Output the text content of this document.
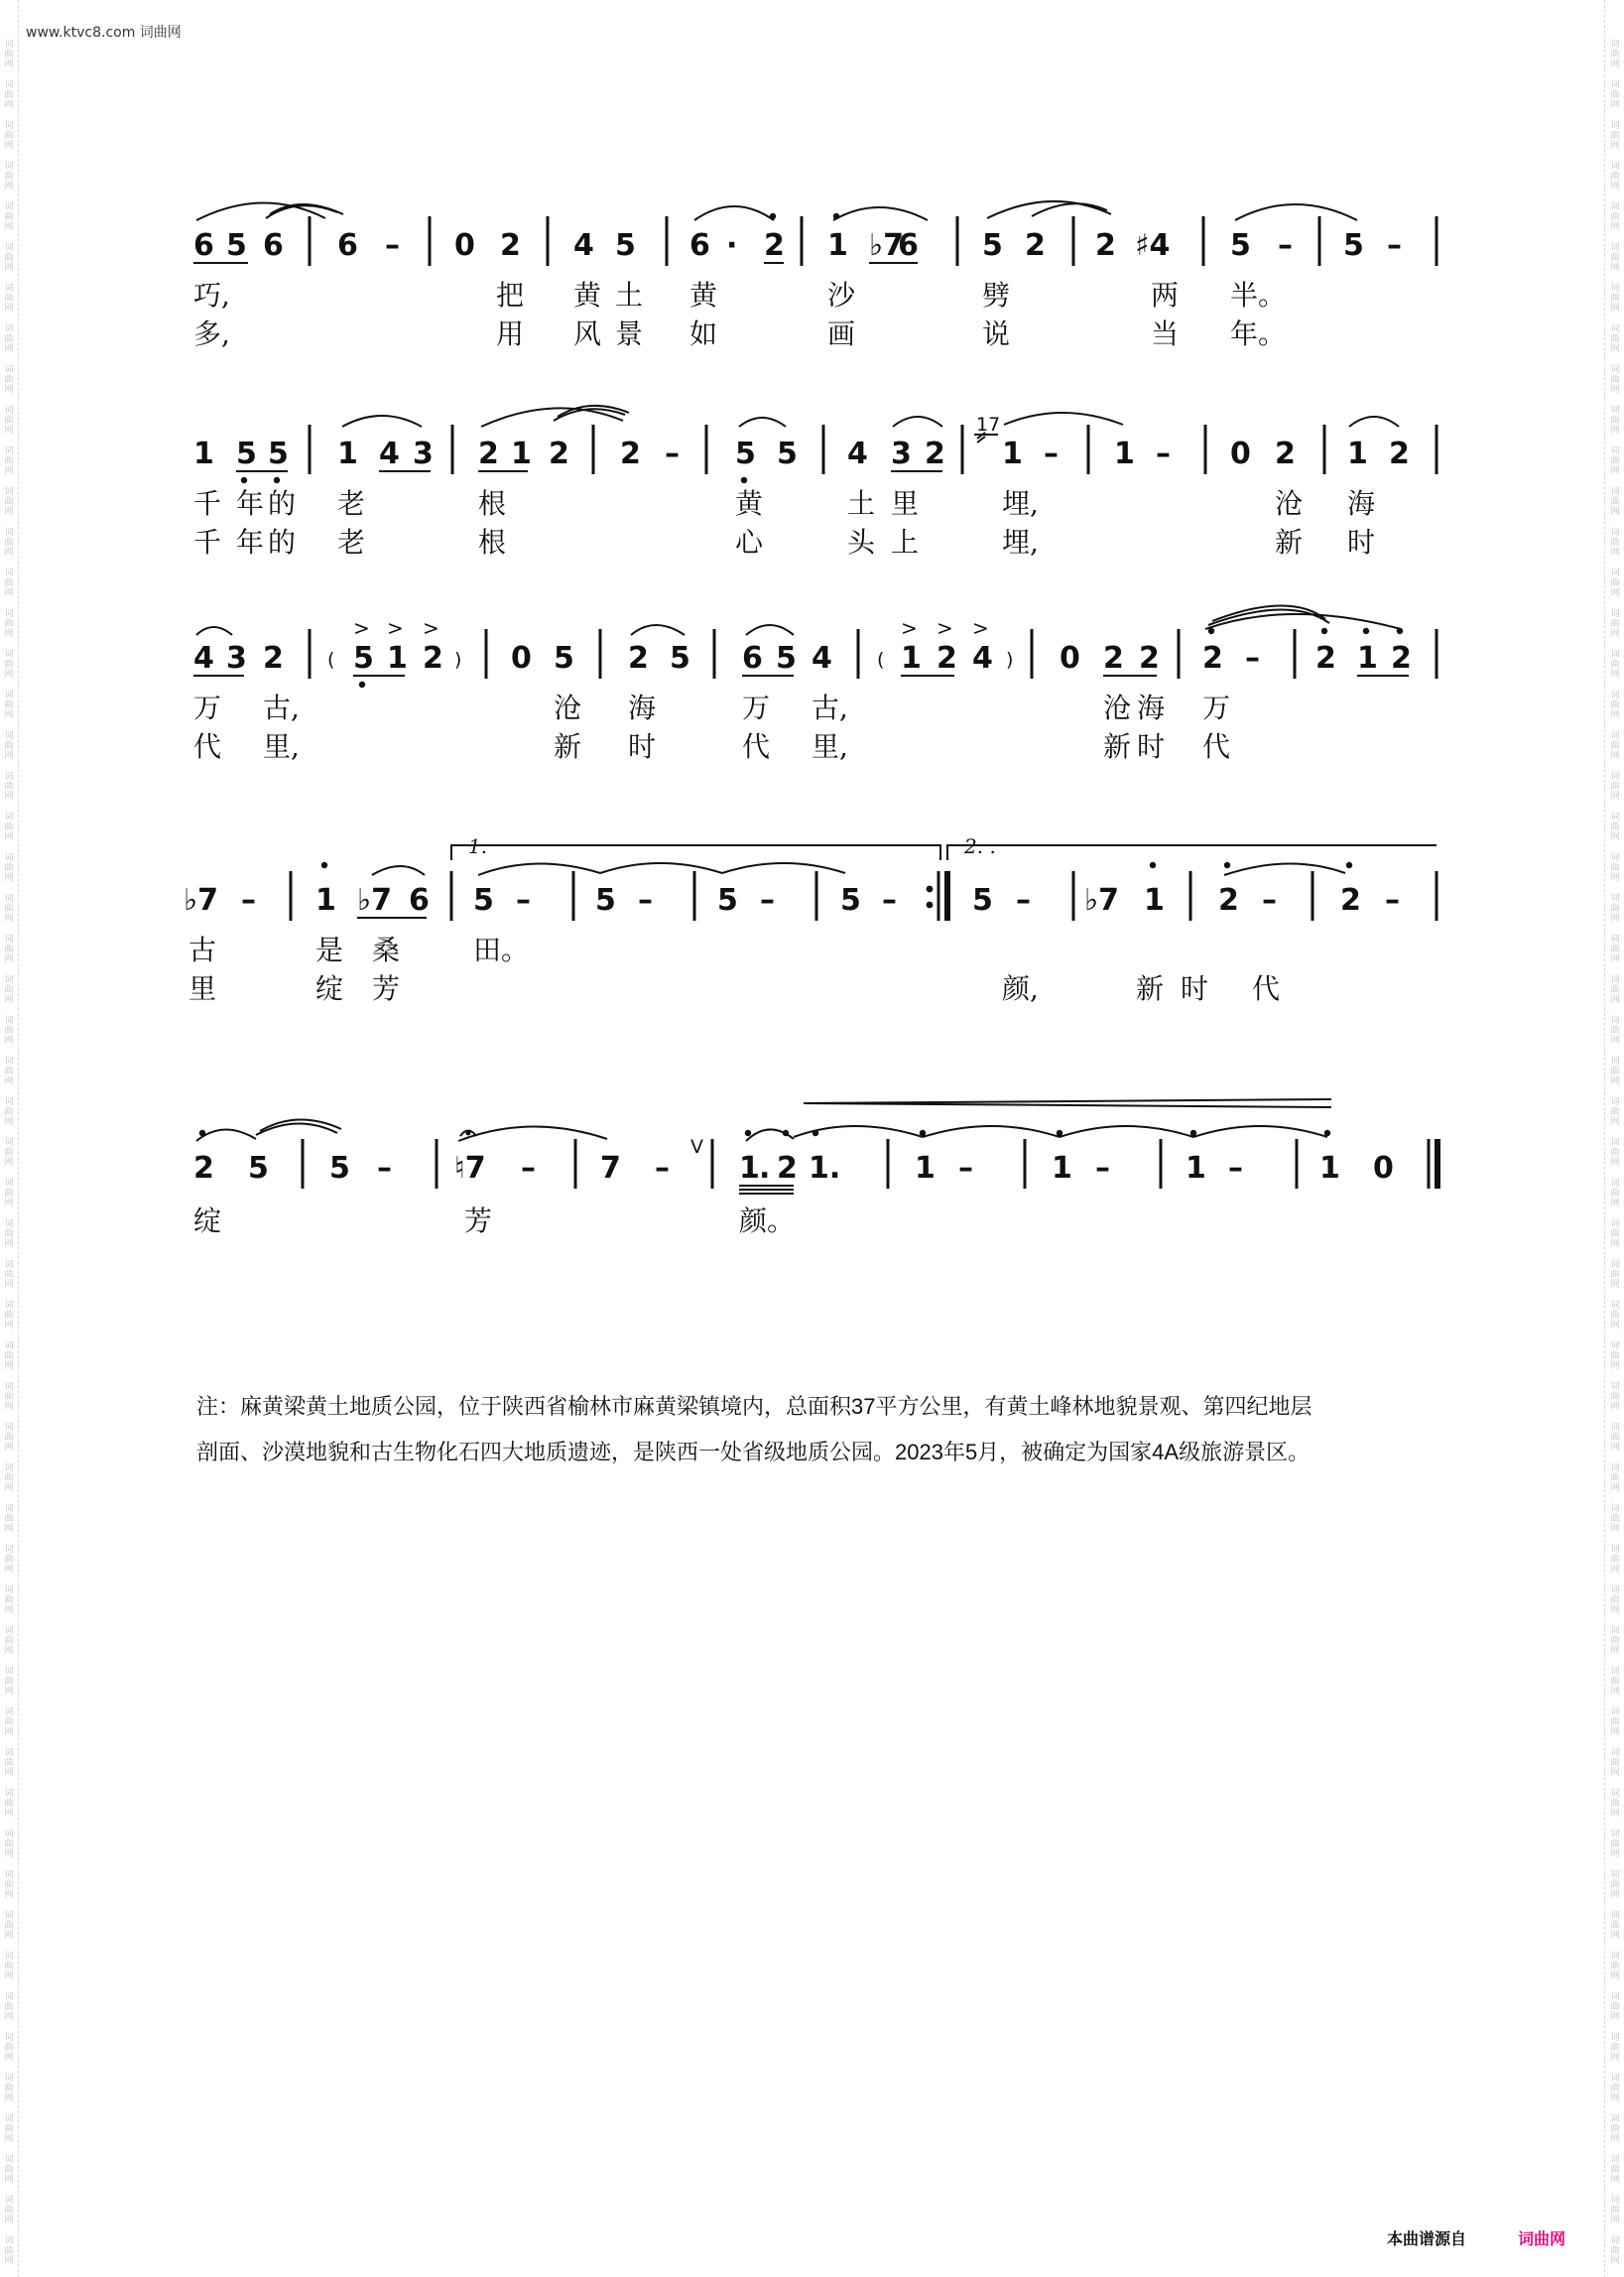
www.ktvc8.com 词曲网
词
曲
网
词
曲
网
词
曲
网
词
曲
网
词
曲
网
词
曲
网
词
曲
网
词
曲
网
词
曲
网
词
曲
网
词
曲
网
词
曲
网
词
曲
网
词
曲
网
词
曲
网
词
曲
网
词
曲
网
词
曲
网
词
曲
网
词
曲
网
词
曲
网
词
曲
网
词
曲
网
词
曲
网
词
曲
网
词
曲
网
词
曲
网
词
曲
网
词
曲
网
词
曲
网
词
曲
网
词
曲
网
词
曲
网
词
曲
网
词
曲
网
词
曲
网
词
曲
网
词
曲
网
词
曲
网
词
曲
网
词
曲
网
词
曲
网
词
曲
网
词
曲
网
词
曲
网
词
曲
网
词
曲
网
词
曲
网
词
曲
网
词
曲
网
词
曲
网
词
曲
网
词
曲
网
词
曲
网
词
曲
网
词
曲
网
词
曲
网
词
曲
网
词
曲
网
词
曲
网
词
曲
网
词
曲
网
词
曲
网
词
曲
网
词
曲
网
词
曲
网
词
曲
网
词
曲
网
词
曲
网
词
曲
网
词
曲
网
词
曲
网
词
曲
网
词
曲
网
词
曲
网
词
曲
网
词
曲
网
词
曲
网
词
曲
网
词
曲
网
词
曲
网
词
曲
网
词
曲
网
词
曲
网
词
曲
网
词
曲
网
词
曲
网
词
曲
网
词
曲
网
词
曲
网
词
曲
网
词
曲
网
词
曲
网
词
曲
网
词
曲
网
词
曲
网
词
曲
网
词
曲
网
词
曲
网
词
曲
网
词
曲
网
词
曲
网
词
曲
网
词
曲
网
词
曲
网
词
曲
网
词
曲
网
词
曲
网
词
曲
网
词
曲
网
6 5 6 6 – 0 2 4 5 6 · 2 1 ♭7
6 5 2 2 ♯4 5 – 5 –
巧,	把 黄 土 黄	沙	劈	两 半。
多,	用 风 景 如	画	说	当 年。
1 5 5 1 4 3 2 1 2 2 – 5 5 4 3 2 1 – 1 – 0 2 1 2
17
千 年 的 老	根	黄	土 里	埋,	沧 海
千 年 的 老	根	心	头 上	埋,	新 时
4 3 2 ( 5 1 2 ) 0 5 2 5 6 5 4 ( 1 2 4 ) 0 2 2 2 – 2 1 2
> > >	> > >
万 古,	沧 海	万 古,	沧 海 万
代 里,	新 时	代 里,	新 时 代
1.	2. .
♭7 – 1 ♭7 6 5 – 5 – 5 – 5 –	5 – ♭7 1 2 – 2 –
古	是 桑	田。
里	绽 芳	颜,	新 时 代
2 5 5 – ♮7 – 7 –
V
1 . 2 1. 1 –	1 –	1 –	1 0
绽	芳	颜。
注：麻黄梁黄土地质公园，位于陕西省榆林市麻黄梁镇境内，总面积37平方公里，有黄土峰林地貌景观、第四纪地层
剖面、沙漠地貌和古生物化石四大地质遗迹，是陕西一处省级地质公园。2023年5月，被确定为国家4A级旅游景区。
本曲谱源自	词曲网
